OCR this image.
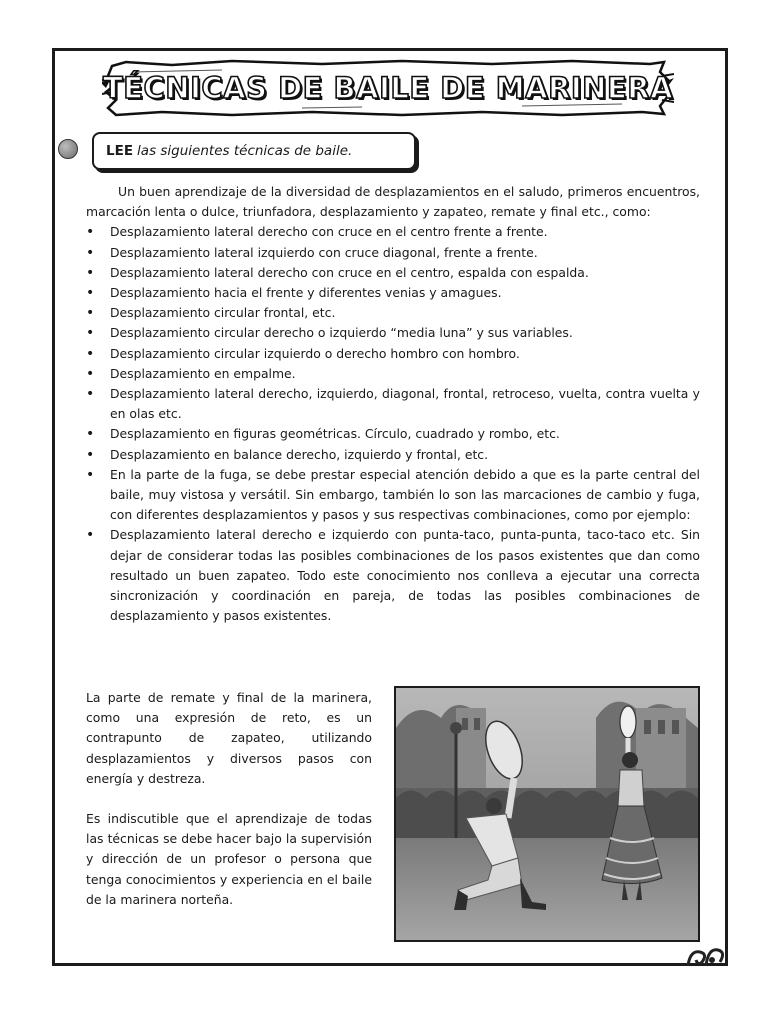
TÉCNICAS DE BAILE DE MARINERA
LEE las siguientes técnicas de baile.

Un buen aprendizaje de la diversidad de desplazamientos en el saludo, primeros encuentros, marcación lenta o dulce, triunfadora, desplazamiento y zapateo, remate y final etc., como:

• Desplazamiento lateral derecho con cruce en el centro frente a frente.
• Desplazamiento lateral izquierdo con cruce diagonal, frente a frente.
• Desplazamiento lateral derecho con cruce en el centro, espalda con espalda.
• Desplazamiento hacia el frente y diferentes venias y amagues.
• Desplazamiento circular frontal, etc.
• Desplazamiento circular derecho o izquierdo “media luna” y sus variables.
• Desplazamiento circular izquierdo o derecho hombro con hombro.
• Desplazamiento en empalme.
• Desplazamiento lateral derecho, izquierdo, diagonal, frontal, retroceso, vuelta, contra vuelta y en olas etc.
• Desplazamiento en figuras geométricas. Círculo, cuadrado y rombo, etc.
• Desplazamiento en balance derecho, izquierdo y frontal, etc.
• En la parte de la fuga, se debe prestar especial atención debido a que es la parte central del baile, muy vistosa y versátil. Sin embargo, también lo son las marcaciones de cambio y fuga, con diferentes desplazamientos y pasos y sus respectivas combinaciones, como por ejemplo:
• Desplazamiento lateral derecho e izquierdo con punta-taco, punta-punta, taco-taco etc. Sin dejar de considerar todas las posibles combinaciones de los pasos existentes que dan como resultado un buen zapateo. Todo este conocimiento nos conlleva a ejecutar una correcta sincronización y coordinación en pareja, de todas las posibles combinaciones de desplazamiento y pasos existentes.

La parte de remate y final de la marinera, como una expresión de reto, es un contrapunto de zapateo, utilizando desplazamientos y diversos pasos con energía y destreza.

Es indiscutible que el aprendizaje de todas las técnicas se debe hacer bajo la supervisión y dirección de un profesor o persona que tenga conocimientos y experiencia en el baile de la marinera norteña.
